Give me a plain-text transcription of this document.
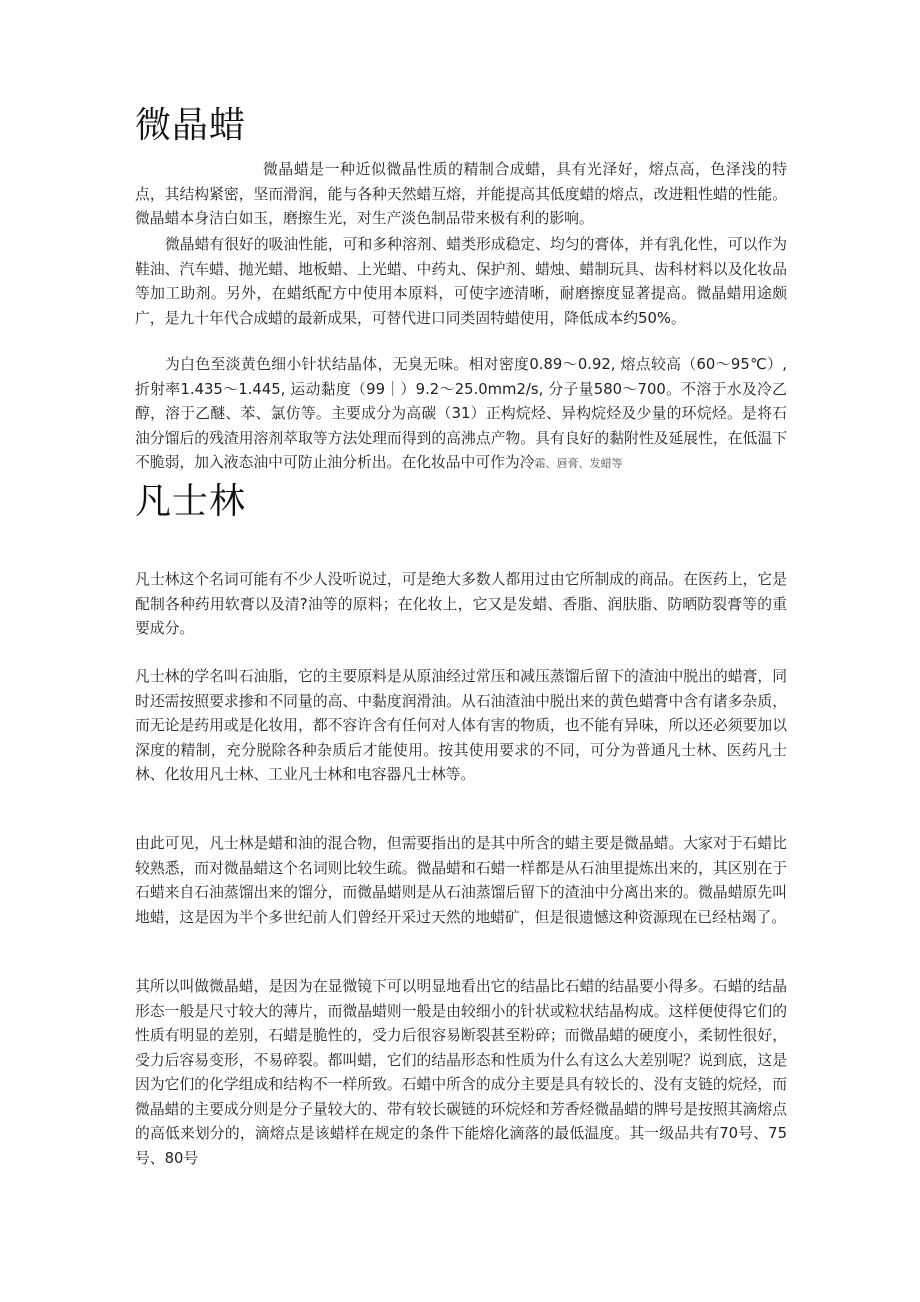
微晶蜡

微晶蜡是一种近似微晶性质的精制合成蜡，具有光泽好，熔点高，色泽浅的特点，其结构紧密，坚而滑润，能与各种天然蜡互熔，并能提高其低度蜡的熔点，改进粗性蜡的性能。微晶蜡本身洁白如玉，磨擦生光，对生产淡色制品带来极有利的影响。

微晶蜡有很好的吸油性能，可和多种溶剂、蜡类形成稳定、均匀的膏体，并有乳化性，可以作为鞋油、汽车蜡、抛光蜡、地板蜡、上光蜡、中药丸、保护剂、蜡烛、蜡制玩具、齿科材料以及化妆品等加工助剂。另外，在蜡纸配方中使用本原料，可使字迹清晰，耐磨擦度显著提高。微晶蜡用途颇广，是九十年代合成蜡的最新成果，可替代进口同类固特蜡使用，降低成本约50%。

为白色至淡黄色细小针状结晶体，无臭无味。相对密度0.89～0.92, 熔点较高（60～95℃）, 折射率1.435～1.445, 运动黏度（99｜）9.2～25.0mm2/s, 分子量580～700。不溶于水及冷乙醇，溶于乙醚、苯、氯仿等。主要成分为高碳（31）正构烷烃、异构烷烃及少量的环烷烃。是将石油分馏后的残渣用溶剂萃取等方法处理而得到的高沸点产物。具有良好的黏附性及延展性，在低温下不脆弱，加入液态油中可防止油分析出。在化妆品中可作为冷霜、唇膏、发蜡等

凡士林

凡士林这个名词可能有不少人没听说过，可是绝大多数人都用过由它所制成的商品。在医药上，它是配制各种药用软膏以及清?油等的原料；在化妆上，它又是发蜡、香脂、润肤脂、防晒防裂膏等的重要成分。

凡士林的学名叫石油脂，它的主要原料是从原油经过常压和减压蒸馏后留下的渣油中脱出的蜡膏，同时还需按照要求掺和不同量的高、中黏度润滑油。从石油渣油中脱出来的黄色蜡膏中含有诸多杂质，而无论是药用或是化妆用，都不容许含有任何对人体有害的物质，也不能有异味，所以还必须要加以深度的精制，充分脱除各种杂质后才能使用。按其使用要求的不同，可分为普通凡士林、医药凡士林、化妆用凡士林、工业凡士林和电容器凡士林等。

由此可见，凡士林是蜡和油的混合物，但需要指出的是其中所含的蜡主要是微晶蜡。大家对于石蜡比较熟悉，而对微晶蜡这个名词则比较生疏。微晶蜡和石蜡一样都是从石油里提炼出来的，其区别在于石蜡来自石油蒸馏出来的馏分，而微晶蜡则是从石油蒸馏后留下的渣油中分离出来的。微晶蜡原先叫地蜡，这是因为半个多世纪前人们曾经开采过天然的地蜡矿，但是很遗憾这种资源现在已经枯竭了。

其所以叫做微晶蜡，是因为在显微镜下可以明显地看出它的结晶比石蜡的结晶要小得多。石蜡的结晶形态一般是尺寸较大的薄片，而微晶蜡则一般是由较细小的针状或粒状结晶构成。这样便使得它们的性质有明显的差别，石蜡是脆性的，受力后很容易断裂甚至粉碎；而微晶蜡的硬度小，柔韧性很好，受力后容易变形，不易碎裂。都叫蜡，它们的结晶形态和性质为什么有这么大差别呢？说到底，这是因为它们的化学组成和结构不一样所致。石蜡中所含的成分主要是具有较长的、没有支链的烷烃，而微晶蜡的主要成分则是分子量较大的、带有较长碳链的环烷烃和芳香烃微晶蜡的牌号是按照其滴熔点的高低来划分的，滴熔点是该蜡样在规定的条件下能熔化滴落的最低温度。其一级品共有70号、75号、80号
